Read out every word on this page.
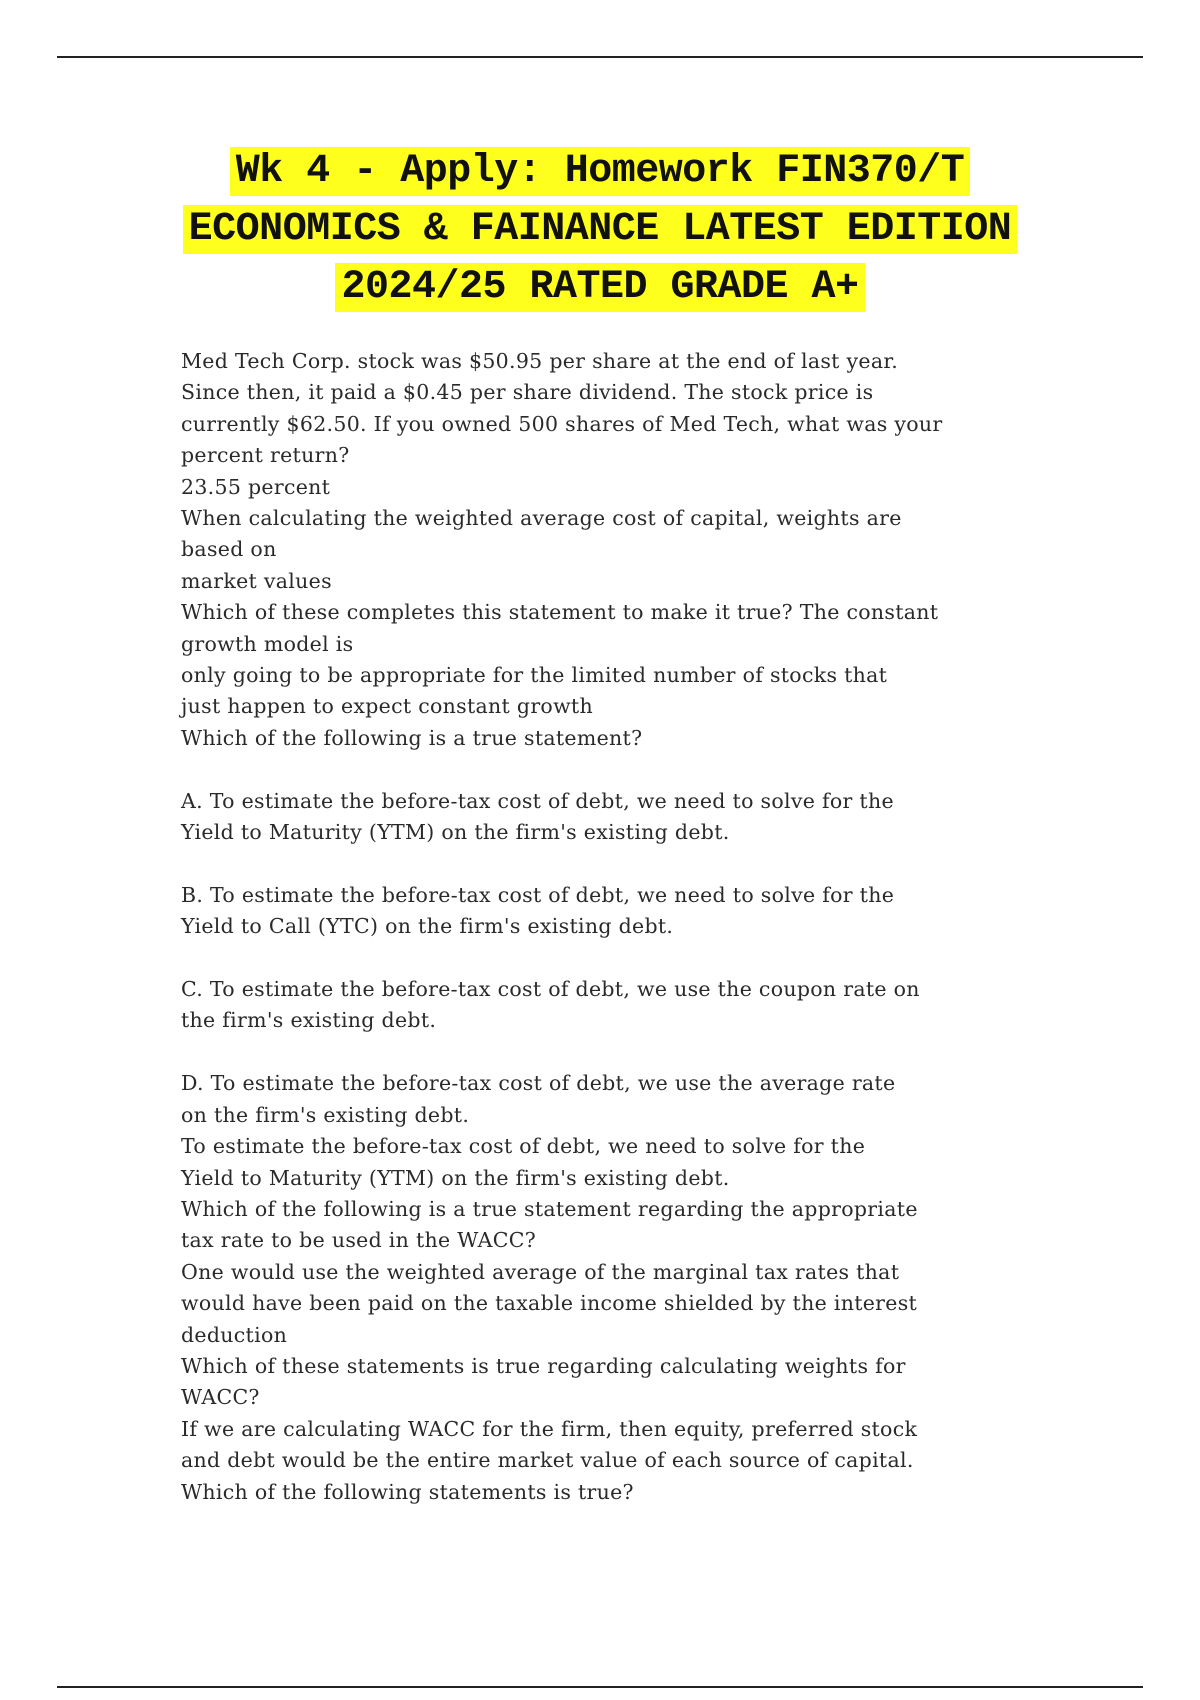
Wk 4 - Apply: Homework FIN370/T
ECONOMICS & FAINANCE LATEST EDITION
2024/25 RATED GRADE A+
Med Tech Corp. stock was $50.95 per share at the end of last year.
Since then, it paid a $0.45 per share dividend. The stock price is
currently $62.50. If you owned 500 shares of Med Tech, what was your
percent return?
23.55 percent
When calculating the weighted average cost of capital, weights are
based on
market values
Which of these completes this statement to make it true? The constant
growth model is
only going to be appropriate for the limited number of stocks that
just happen to expect constant growth
Which of the following is a true statement?
A. To estimate the before-tax cost of debt, we need to solve for the
Yield to Maturity (YTM) on the firm's existing debt.
B. To estimate the before-tax cost of debt, we need to solve for the
Yield to Call (YTC) on the firm's existing debt.
C. To estimate the before-tax cost of debt, we use the coupon rate on
the firm's existing debt.
D. To estimate the before-tax cost of debt, we use the average rate
on the firm's existing debt.
To estimate the before-tax cost of debt, we need to solve for the
Yield to Maturity (YTM) on the firm's existing debt.
Which of the following is a true statement regarding the appropriate
tax rate to be used in the WACC?
One would use the weighted average of the marginal tax rates that
would have been paid on the taxable income shielded by the interest
deduction
Which of these statements is true regarding calculating weights for
WACC?
If we are calculating WACC for the firm, then equity, preferred stock
and debt would be the entire market value of each source of capital.
Which of the following statements is true?
